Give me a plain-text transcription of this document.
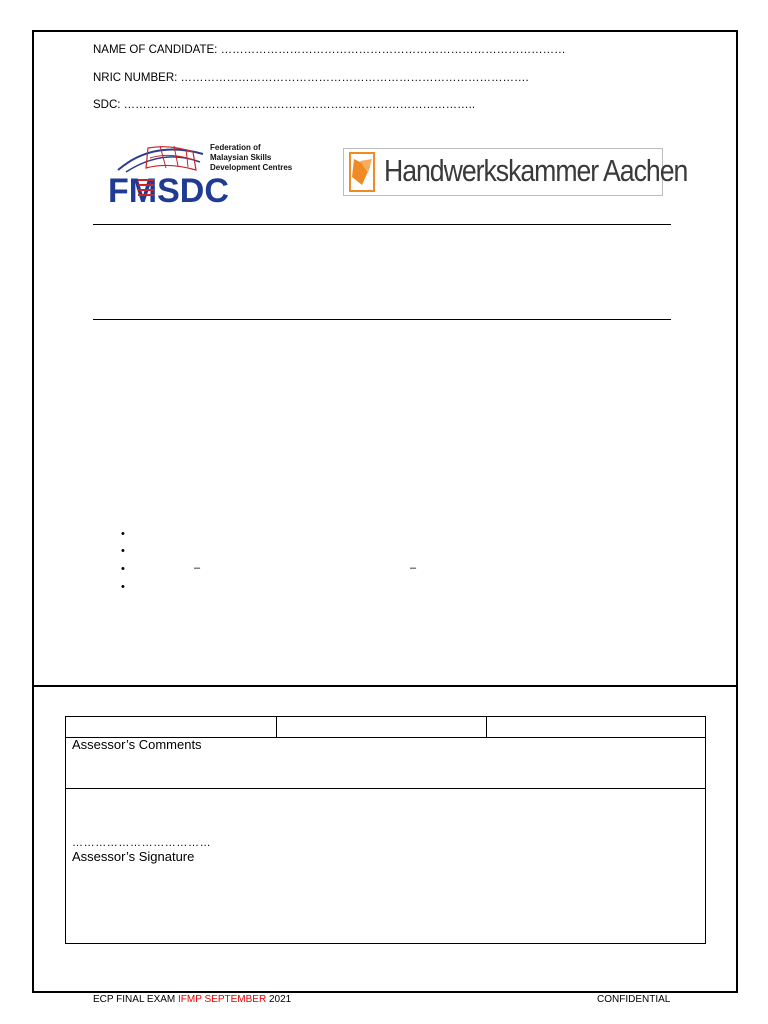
NAME OF CANDIDATE: ………………………………………………………………………………
NRIC NUMBER: ……………………………………………………………………………….
SDC: ………………………………………………………………………………..
FMSDC
Federation of
Malaysian Skills
Development Centres	Handwerkskammer Aachen
•
•
•
•
–	–
Assessor’s Comments
………………………………
Assessor’s Signature
ECP FINAL EXAM IFMP SEPTEMBER 2021	CONFIDENTIAL
